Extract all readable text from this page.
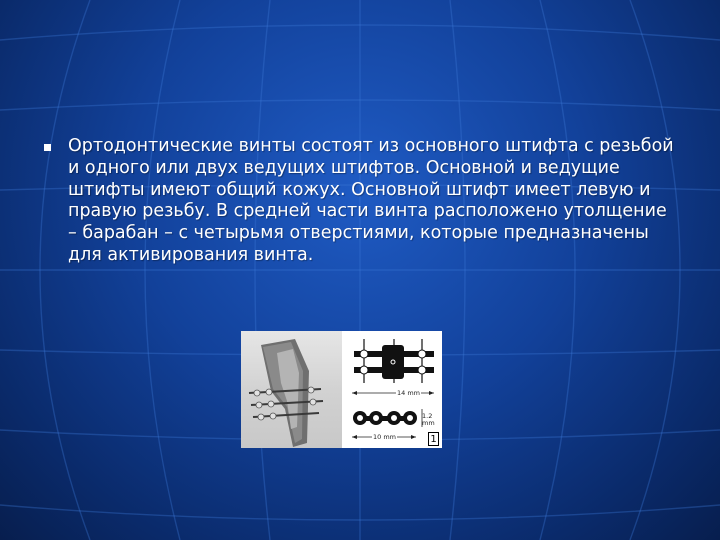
Ортодонтические винты состоят из основного штифта с резьбой и одного или двух ведущих штифтов. Основной и ведущие штифты имеют общий кожух. Основной штифт имеет левую и правую резьбу. В средней части винта расположено утолщение – барабан – с четырьмя отверстиями, которые предназначены для активирования винта.
14 mm
1.2 mm
10 mm	1
